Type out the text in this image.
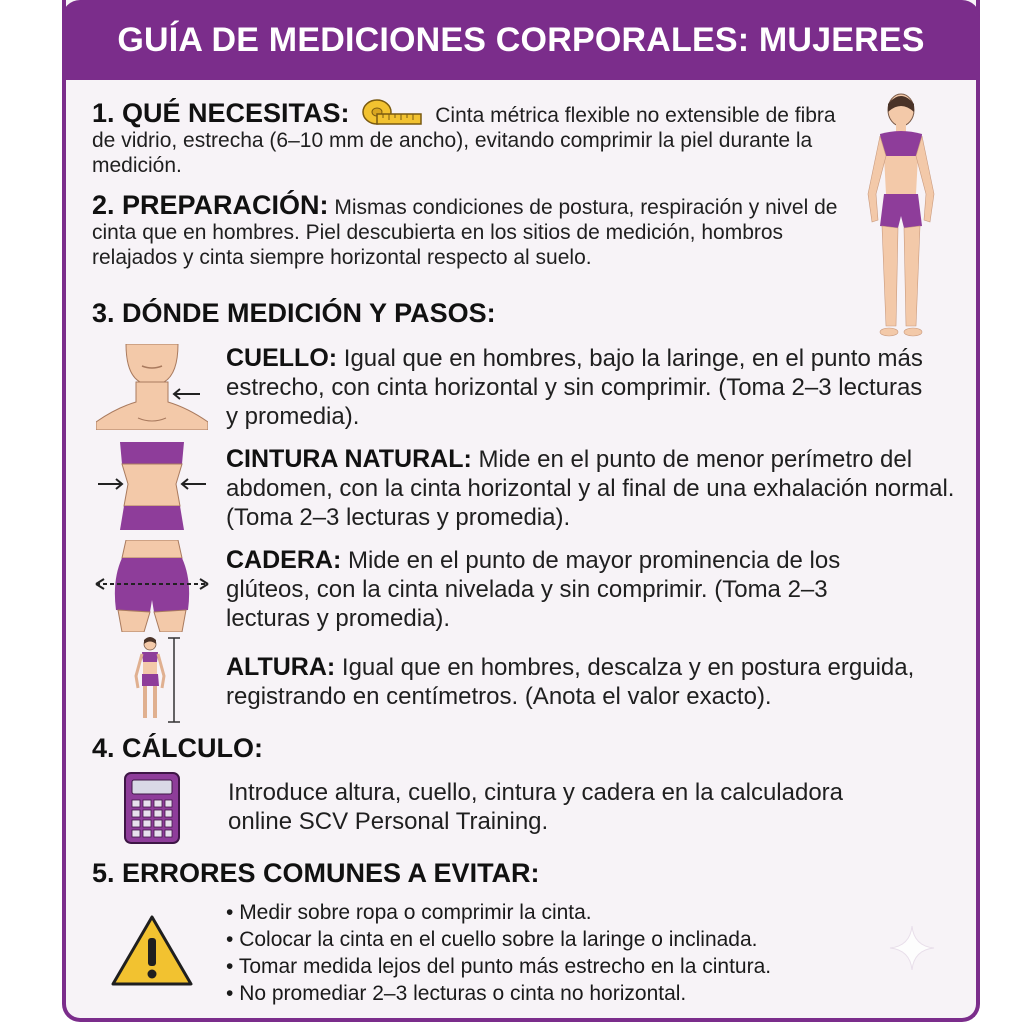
GUÍA DE MEDICIONES CORPORALES: MUJERES
1. QUÉ NECESITAS:	Cinta métrica flexible no extensible de fibra de vidrio, estrecha (6–10 mm de ancho), evitando comprimir la piel durante la medición.
2. PREPARACIÓN: Mismas condiciones de postura, respiración y nivel de cinta que en hombres. Piel descubierta en los sitios de medición, hombros relajados y cinta siempre horizontal respecto al suelo.
3. DÓNDE MEDICIÓN Y PASOS:
CUELLO: Igual que en hombres, bajo la laringe, en el punto más estrecho, con cinta horizontal y sin comprimir. (Toma 2–3 lecturas y promedia).
CINTURA NATURAL: Mide en el punto de menor perímetro del abdomen, con la cinta horizontal y al final de una exhalación normal. (Toma 2–3 lecturas y promedia).
CADERA: Mide en el punto de mayor prominencia de los glúteos, con la cinta nivelada y sin comprimir. (Toma 2–3 lecturas y promedia).
ALTURA: Igual que en hombres, descalza y en postura erguida, registrando en centímetros. (Anota el valor exacto).
4. CÁLCULO:
Introduce altura, cuello, cintura y cadera en la calculadora online SCV Personal Training.
5. ERRORES COMUNES A EVITAR:
• Medir sobre ropa o comprimir la cinta.
• Colocar la cinta en el cuello sobre la laringe o inclinada.
• Tomar medida lejos del punto más estrecho en la cintura.
• No promediar 2–3 lecturas o cinta no horizontal.
